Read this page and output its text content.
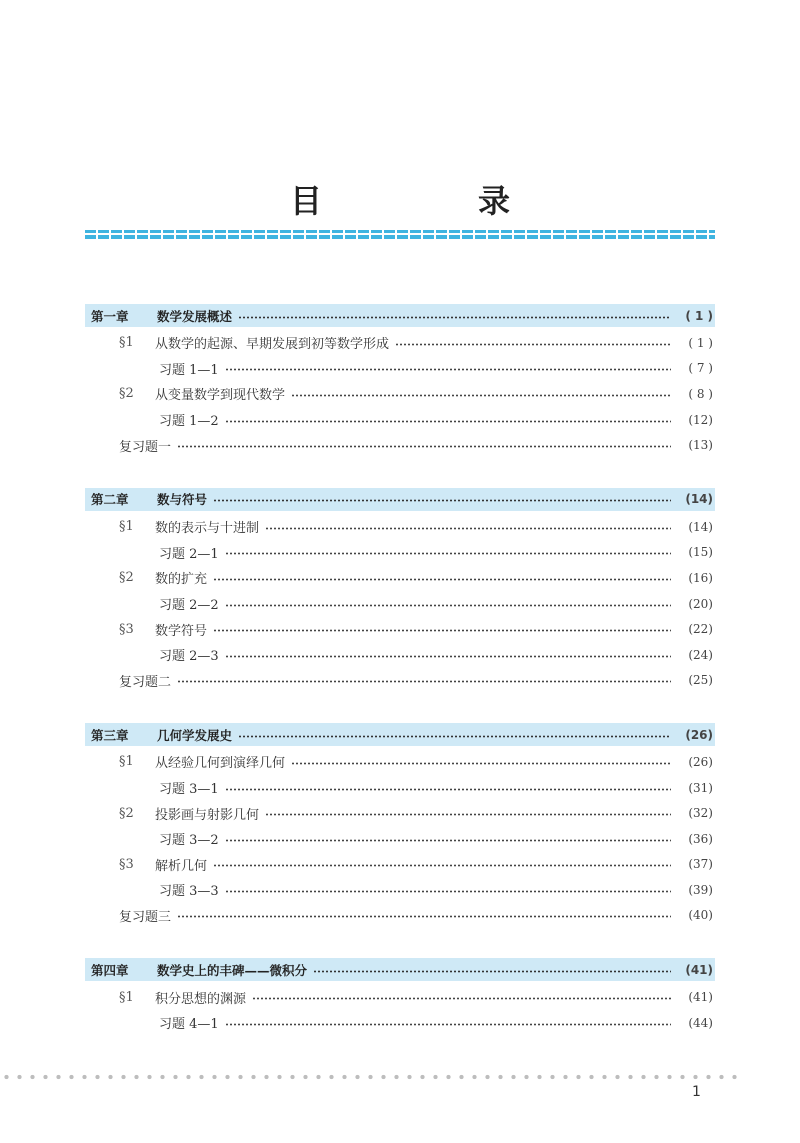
目　录
第一章	数学发展概述	( 1 )
§1	从数学的起源、早期发展到初等数学形成	( 1 )
习题 1—1	( 7 )
§2	从变量数学到现代数学	( 8 )
习题 1—2	(12)
复习题一	(13)
第二章	数与符号	(14)
§1	数的表示与十进制	(14)
习题 2—1	(15)
§2	数的扩充	(16)
习题 2—2	(20)
§3	数学符号	(22)
习题 2—3	(24)
复习题二	(25)
第三章	几何学发展史	(26)
§1	从经验几何到演绎几何	(26)
习题 3—1	(31)
§2	投影画与射影几何	(32)
习题 3—2	(36)
§3	解析几何	(37)
习题 3—3	(39)
复习题三	(40)
第四章	数学史上的丰碑——微积分	(41)
§1	积分思想的渊源	(41)
习题 4—1	(44)
1
